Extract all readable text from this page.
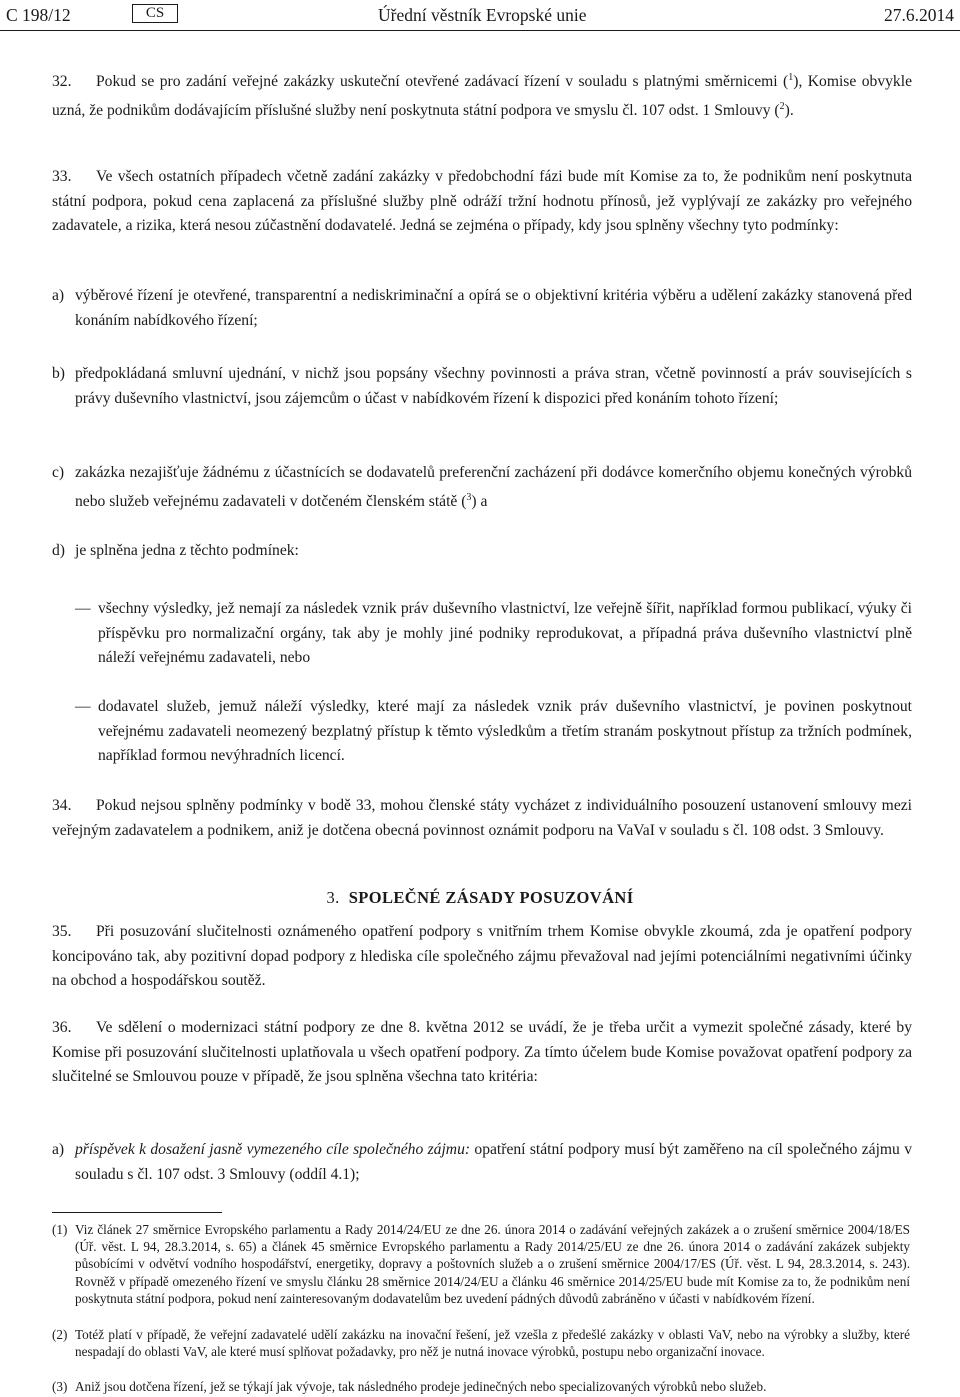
C 198/12	CS	Úřední věstník Evropské unie	27.6.2014

32. Pokud se pro zadání veřejné zakázky uskuteční otevřené zadávací řízení v souladu s platnými směrnicemi ($^1$), Komise obvykle uzná, že podnikům dodávajícím příslušné služby není poskytnuta státní podpora ve smyslu čl. 107 odst. 1 Smlouvy ($^2$).

33. Ve všech ostatních případech včetně zadání zakázky v předobchodní fázi bude mít Komise za to, že podnikům není poskytnuta státní podpora, pokud cena zaplacená za příslušné služby plně odráží tržní hodnotu přínosů, jež vyplývají ze zakázky pro veřejného zadavatele, a rizika, která nesou zúčastnění dodavatelé. Jedná se zejména o případy, kdy jsou splněny všechny tyto podmínky:

a) výběrové řízení je otevřené, transparentní a nediskriminační a opírá se o objektivní kritéria výběru a udělení zakázky stanovená před konáním nabídkového řízení;
b) předpokládaná smluvní ujednání, v nichž jsou popsány všechny povinnosti a práva stran, včetně povinností a práv souvisejících s právy duševního vlastnictví, jsou zájemcům o účast v nabídkovém řízení k dispozici před konáním tohoto řízení;
c) zakázka nezajišťuje žádnému z účastnících se dodavatelů preferenční zacházení při dodávce komerčního objemu konečných výrobků nebo služeb veřejnému zadavateli v dotčeném členském státě ($^3$) a
d) je splněna jedna z těchto podmínek:
— všechny výsledky, jež nemají za následek vznik práv duševního vlastnictví, lze veřejně šířit, například formou publikací, výuky či příspěvku pro normalizační orgány, tak aby je mohly jiné podniky reprodukovat, a případná práva duševního vlastnictví plně náleží veřejnému zadavateli, nebo
— dodavatel služeb, jemuž náleží výsledky, které mají za následek vznik práv duševního vlastnictví, je povinen poskytnout veřejnému zadavateli neomezený bezplatný přístup k těmto výsledkům a třetím stranám poskytnout přístup za tržních podmínek, například formou nevýhradních licencí.

34. Pokud nejsou splněny podmínky v bodě 33, mohou členské státy vycházet z individuálního posouzení ustanovení smlouvy mezi veřejným zadavatelem a podnikem, aniž je dotčena obecná povinnost oznámit podporu na VaVaI v souladu s čl. 108 odst. 3 Smlouvy.

3. SPOLEČNÉ ZÁSADY POSUZOVÁNÍ

35. Při posuzování slučitelnosti oznámeného opatření podpory s vnitřním trhem Komise obvykle zkoumá, zda je opatření podpory koncipováno tak, aby pozitivní dopad podpory z hlediska cíle společného zájmu převažoval nad jejími potenciálními negativními účinky na obchod a hospodářskou soutěž.

36. Ve sdělení o modernizaci státní podpory ze dne 8. května 2012 se uvádí, že je třeba určit a vymezit společné zásady, které by Komise při posuzování slučitelnosti uplatňovala u všech opatření podpory. Za tímto účelem bude Komise považovat opatření podpory za slučitelné se Smlouvou pouze v případě, že jsou splněna všechna tato kritéria:

a) příspěvek k dosažení jasně vymezeného cíle společného zájmu: opatření státní podpory musí být zaměřeno na cíl společného zájmu v souladu s čl. 107 odst. 3 Smlouvy (oddíl 4.1);
(1) Viz článek 27 směrnice Evropského parlamentu a Rady 2014/24/EU ze dne 26. února 2014 o zadávání veřejných zakázek a o zrušení směrnice 2004/18/ES (Úř. věst. L 94, 28.3.2014, s. 65) a článek 45 směrnice Evropského parlamentu a Rady 2014/25/EU ze dne 26. února 2014 o zadávání zakázek subjekty působícími v odvětví vodního hospodářství, energetiky, dopravy a poštovních služeb a o zrušení směrnice 2004/17/ES (Úř. věst. L 94, 28.3.2014, s. 243). Rovněž v případě omezeného řízení ve smyslu článku 28 směrnice 2014/24/EU a článku 46 směrnice 2014/25/EU bude mít Komise za to, že podnikům není poskytnuta státní podpora, pokud není zainteresovaným dodavatelům bez uvedení pádných důvodů zabráněno v účasti v nabídkovém řízení.
(2) Totéž platí v případě, že veřejní zadavatelé udělí zakázku na inovační řešení, jež vzešla z předešlé zakázky v oblasti VaV, nebo na výrobky a služby, které nespadají do oblasti VaV, ale které musí splňovat požadavky, pro něž je nutná inovace výrobků, postupu nebo organizační inovace.
(3) Aniž jsou dotčena řízení, jež se týkají jak vývoje, tak následného prodeje jedinečných nebo specializovaných výrobků nebo služeb.
